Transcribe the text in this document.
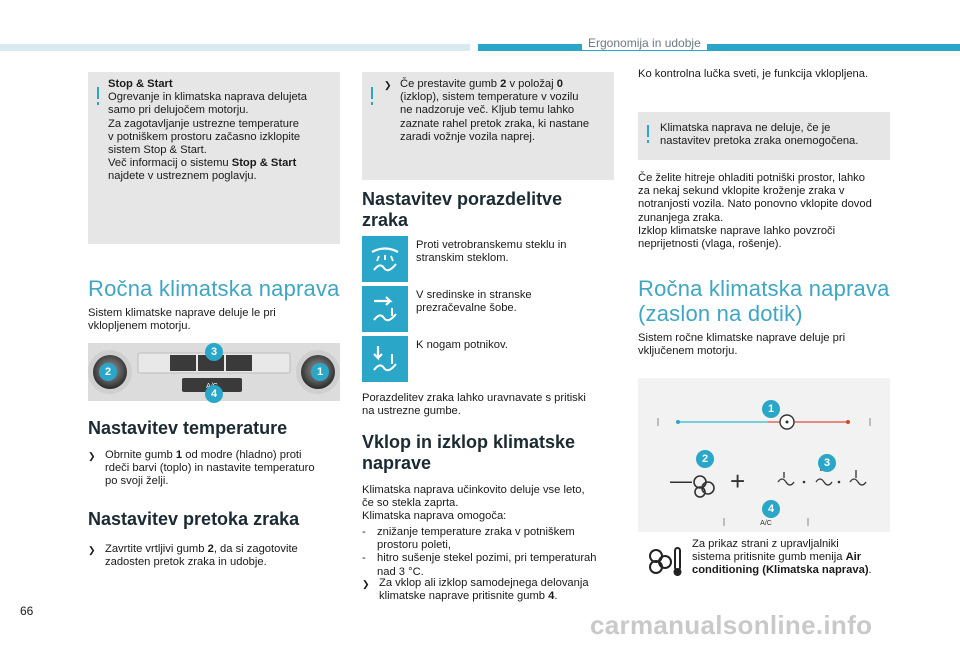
Ergonomija in udobje
Stop & Start
Ogrevanje in klimatska naprava delujeta
samo pri delujočem motorju.
Za zagotavljanje ustrezne temperature
v potniškem prostoru začasno izklopite
sistem Stop & Start.
Več informacij o sistemu Stop & Start
najdete v ustreznem poglavju.
Ročna klimatska naprava
Sistem klimatske naprave deluje le pri
vklopljenem motorju.
3
2	1
4
Nastavitev temperature
❯ Obrnite gumb 1 od modre (hladno) proti
rdeči barvi (toplo) in nastavite temperaturo
po svoji želji.
Nastavitev pretoka zraka
❯ Zavrtite vrtljivi gumb 2, da si zagotovite
zadosten pretok zraka in udobje.
❯ Če prestavite gumb 2 v položaj 0
(izklop), sistem temperature v vozilu
ne nadzoruje več. Kljub temu lahko
zaznate rahel pretok zraka, ki nastane
zaradi vožnje vozila naprej.
Nastavitev porazdelitve
zraka
Proti vetrobranskemu steklu in
stranskim steklom.
V sredinske in stranske
prezračevalne šobe.
K nogam potnikov.
Porazdelitev zraka lahko uravnavate s pritiski
na ustrezne gumbe.
Vklop in izklop klimatske
naprave
Klimatska naprava učinkovito deluje vse leto,
če so stekla zaprta.
Klimatska naprava omogoča:
- znižanje temperature zraka v potniškem
prostoru poleti,
- hitro sušenje stekel pozimi, pri temperaturah
nad 3 °C.
❯ Za vklop ali izklop samodejnega delovanja
klimatske naprave pritisnite gumb 4.
Ko kontrolna lučka sveti, je funkcija vklopljena.
Klimatska naprava ne deluje, če je
nastavitev pretoka zraka onemogočena.
Če želite hitreje ohladiti potniški prostor, lahko
za nekaj sekund vklopite kroženje zraka v
notranjosti vozila. Nato ponovno vklopite dovod
zunanjega zraka.
Izklop klimatske naprave lahko povzroči
neprijetnosti (vlaga, rošenje).
Ročna klimatska naprava
(zaslon na dotik)
Sistem ročne klimatske naprave deluje pri
vključenem motorju.
— +
A/C
1
2	3
4
Za prikaz strani z upravljalniki
sistema pritisnite gumb menija Air
conditioning (Klimatska naprava).
66	carmanualsonline.info
